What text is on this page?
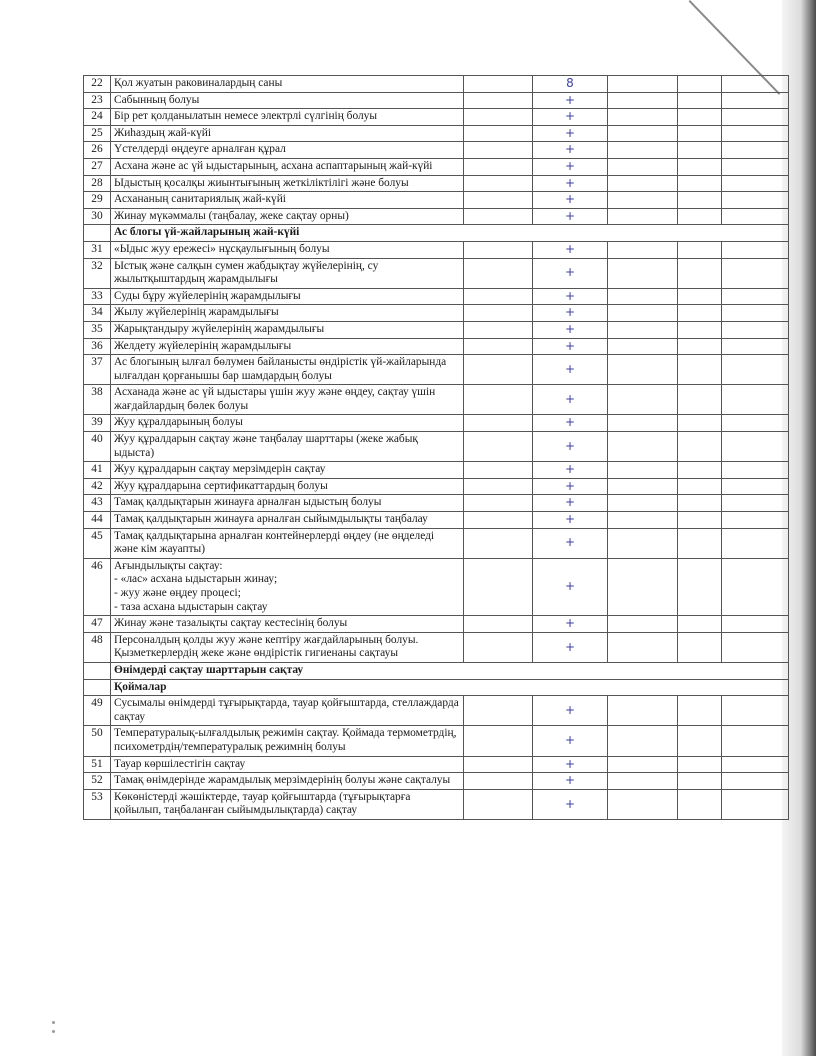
22	Қол жуатын раковиналардың саны		8			
23	Сабынның болуы		+			
24	Бір рет қолданылатын немесе электрлі сүлгінің болуы		+			
25	Жиhаздың жай-күйі		+			
26	Үстелдерді өңдеуге арналған құрал		+			
27	Асхана және ас үй ыдыстарының, асхана аспаптарының жай-күйі		+			
28	Ыдыстың қосалқы жиынтығының жеткіліктілігі және болуы		+			
29	Асхананың санитариялық жай-күйі		+			
30	Жинау мүкәммалы (таңбалау, жеке сақтау орны)		+			
	Ас блогы үй-жайларының жай-күйі					
31	«Ыдыс жуу ережесі» нұсқаулығының болуы		+			
32	Ыстық және салқын сумен жабдықтау жүйелерінің, су жылытқыштардың жарамдылығы		+			
33	Суды бұру жүйелерінің жарамдылығы		+			
34	Жылу жүйелерінің жарамдылығы		+			
35	Жарықтандыру жүйелерінің жарамдылығы		+			
36	Желдету жүйелерінің жарамдылығы		+			
37	Ас блогының ылғал бөлумен байланысты өндірістік үй-жайларында ылғалдан қорғанышы бар шамдардың болуы		+			
38	Асханада және ас үй ыдыстары үшін жуу және өңдеу, сақтау үшін жағдайлардың бөлек болуы		+			
39	Жуу құралдарының болуы		+			
40	Жуу құралдарын сақтау және таңбалау шарттары (жеке жабық ыдыста)		+			
41	Жуу құралдарын сақтау мерзімдерін сақтау		+			
42	Жуу құралдарына сертификаттардың болуы		+			
43	Тамақ қалдықтарын жинауға арналған ыдыстың болуы		+			
44	Тамақ қалдықтарын жинауға арналған сыйымдылықты таңбалау		+			
45	Тамақ қалдықтарына арналған контейнерлерді өңдеу (не өңделеді және кім жауапты)		+			
46	Ағындылықты сақтау:
- «лас» асхана ыдыстарын жинау;
- жуу және өңдеу процесі;
- таза асхана ыдыстарын сақтау		+			
47	Жинау және тазалықты сақтау кестесінің болуы		+			
48	Персоналдың қолды жуу және кептіру жағдайларының болуы. Қызметкерлердің жеке және өндірістік гигиенаны сақтауы		+			
	Өнімдерді сақтау шарттарын сақтау					
	Қоймалар					
49	Сусымалы өнімдерді тұғырықтарда, тауар қойғыштарда, стеллаждарда сақтау		+			
50	Температуралық-ылғалдылық режимін сақтау. Қоймада термометрдің, психометрдің/температуралық режимнің болуы		+			
51	Тауар көршілестігін сақтау		+			
52	Тамақ өнімдерінде жарамдылық мерзімдерінің болуы және сақталуы		+			
53	Көкөністерді жәшіктерде, тауар қойғыштарда (тұғырықтарға қойылып, таңбаланған сыйымдылықтарда) сақтау		+			
